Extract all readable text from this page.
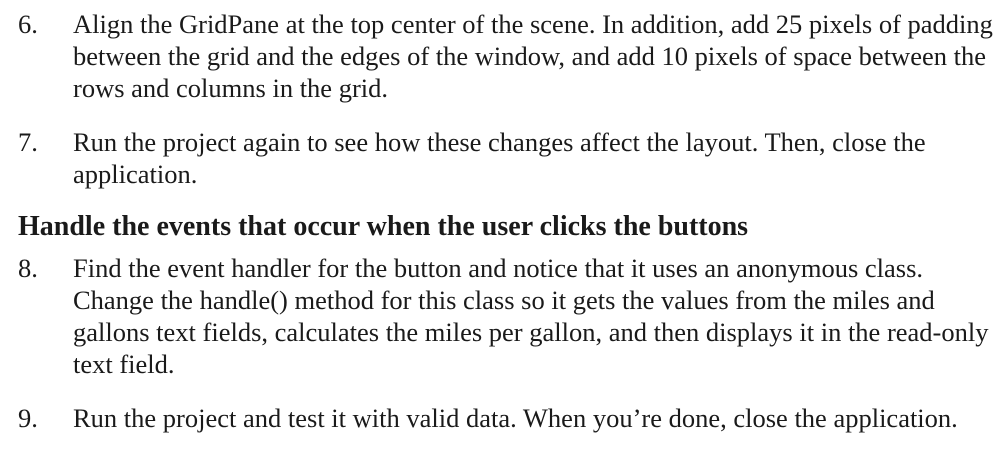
6.	Align the GridPane at the top center of the scene. In addition, add 25 pixels of padding between the grid and the edges of the window, and add 10 pixels of space between the rows and columns in the grid.
7.	Run the project again to see how these changes affect the layout. Then, close the application.
Handle the events that occur when the user clicks the buttons
8.	Find the event handler for the button and notice that it uses an anonymous class. Change the handle() method for this class so it gets the values from the miles and gallons text fields, calculates the miles per gallon, and then displays it in the read-only text field.
9.	Run the project and test it with valid data. When you’re done, close the application.
